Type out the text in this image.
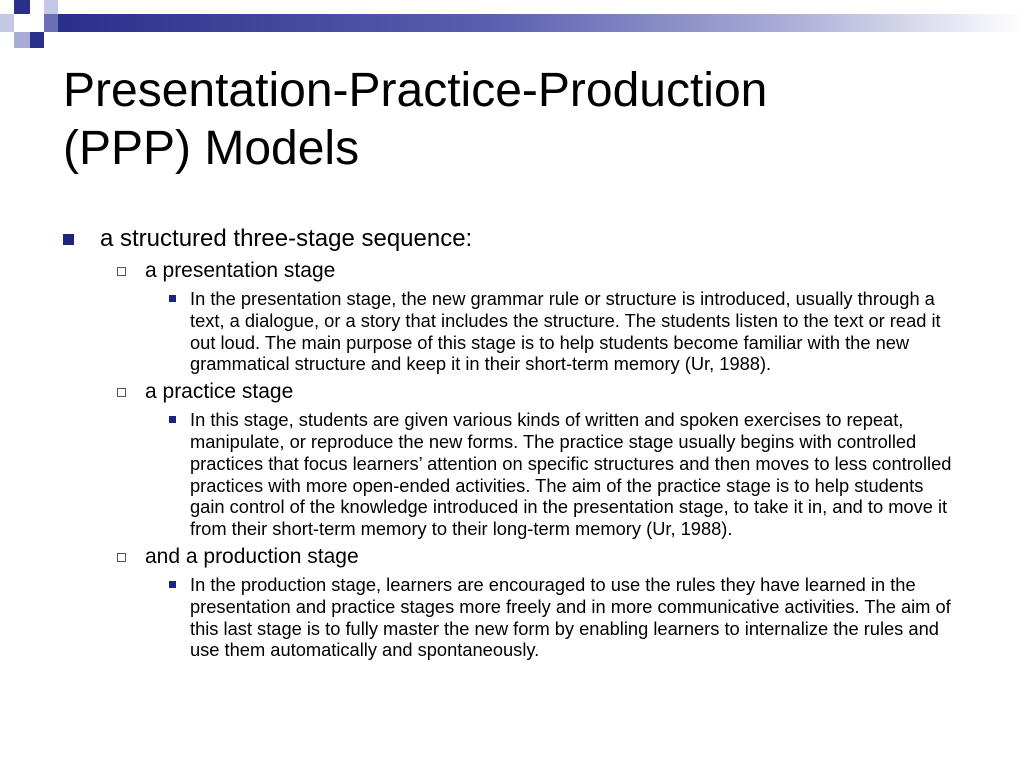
Presentation-Practice-Production
(PPP) Models
a structured three-stage sequence:
a presentation stage
In the presentation stage, the new grammar rule or structure is introduced, usually through a text, a dialogue, or a story that includes the structure. The students listen to the text or read it out loud. The main purpose of this stage is to help students become familiar with the new grammatical structure and keep it in their short-term memory (Ur, 1988).
a practice stage
In this stage, students are given various kinds of written and spoken exercises to repeat, manipulate, or reproduce the new forms. The practice stage usually begins with controlled practices that focus learners’ attention on specific structures and then moves to less controlled practices with more open-ended activities. The aim of the practice stage is to help students gain control of the knowledge introduced in the presentation stage, to take it in, and to move it from their short-term memory to their long-term memory (Ur, 1988).
and a production stage
In the production stage, learners are encouraged to use the rules they have learned in the presentation and practice stages more freely and in more communicative activities. The aim of this last stage is to fully master the new form by enabling learners to internalize the rules and use them automatically and spontaneously.
